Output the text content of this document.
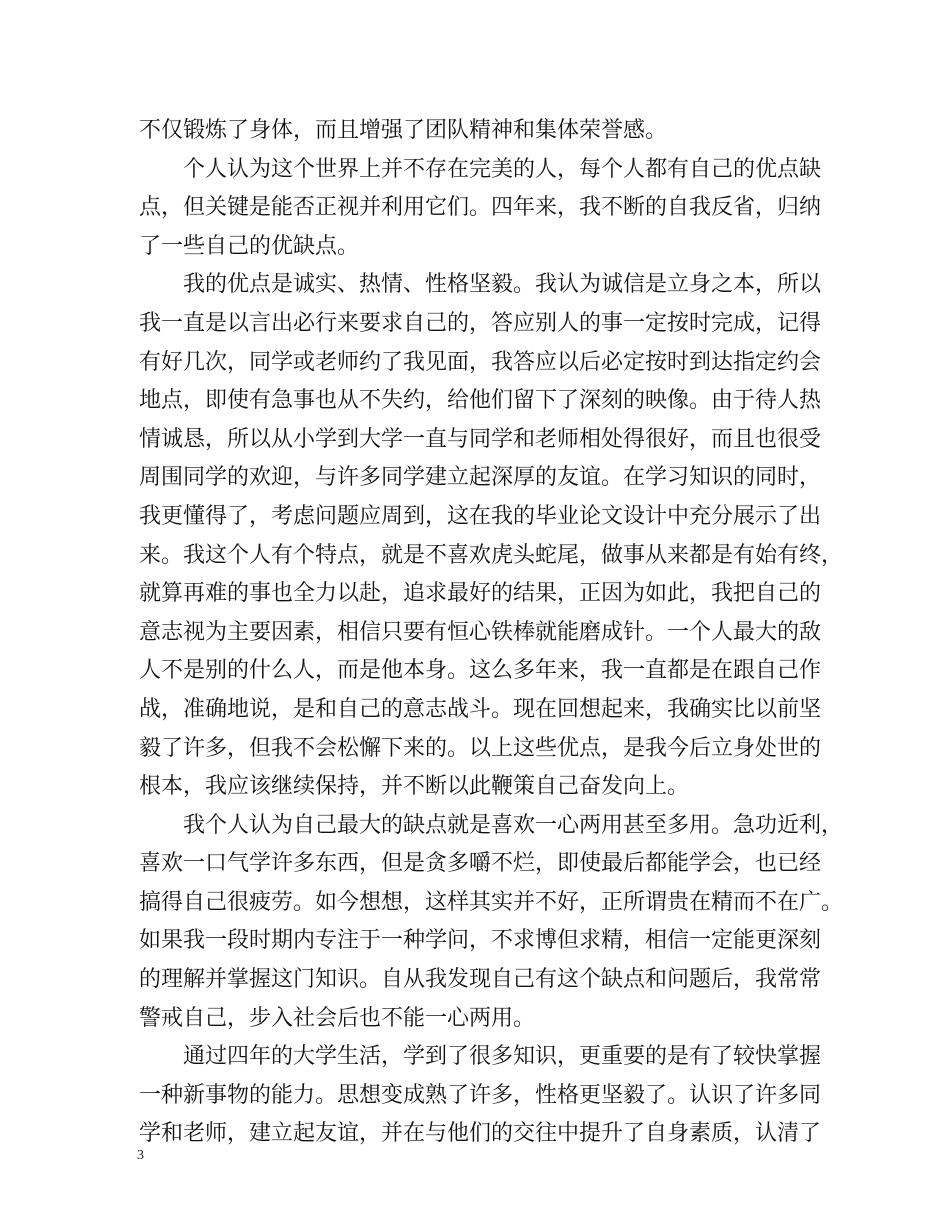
不仅锻炼了身体，而且增强了团队精神和集体荣誉感。
个人认为这个世界上并不存在完美的人，每个人都有自己的优点缺
点，但关键是能否正视并利用它们。四年来，我不断的自我反省，归纳
了一些自己的优缺点。
我的优点是诚实、热情、性格坚毅。我认为诚信是立身之本，所以
我一直是以言出必行来要求自己的，答应别人的事一定按时完成，记得
有好几次，同学或老师约了我见面，我答应以后必定按时到达指定约会
地点，即使有急事也从不失约，给他们留下了深刻的映像。由于待人热
情诚恳，所以从小学到大学一直与同学和老师相处得很好，而且也很受
周围同学的欢迎，与许多同学建立起深厚的友谊。在学习知识的同时，
我更懂得了，考虑问题应周到，这在我的毕业论文设计中充分展示了出
来。我这个人有个特点，就是不喜欢虎头蛇尾，做事从来都是有始有终，
就算再难的事也全力以赴，追求最好的结果，正因为如此，我把自己的
意志视为主要因素，相信只要有恒心铁棒就能磨成针。一个人最大的敌
人不是别的什么人，而是他本身。这么多年来，我一直都是在跟自己作
战，准确地说，是和自己的意志战斗。现在回想起来，我确实比以前坚
毅了许多，但我不会松懈下来的。以上这些优点，是我今后立身处世的
根本，我应该继续保持，并不断以此鞭策自己奋发向上。
我个人认为自己最大的缺点就是喜欢一心两用甚至多用。急功近利，
喜欢一口气学许多东西，但是贪多嚼不烂，即使最后都能学会，也已经
搞得自己很疲劳。如今想想，这样其实并不好，正所谓贵在精而不在广。
如果我一段时期内专注于一种学问，不求博但求精，相信一定能更深刻
的理解并掌握这门知识。自从我发现自己有这个缺点和问题后，我常常
警戒自己，步入社会后也不能一心两用。
通过四年的大学生活，学到了很多知识，更重要的是有了较快掌握
一种新事物的能力。思想变成熟了许多，性格更坚毅了。认识了许多同
学和老师，建立起友谊，并在与他们的交往中提升了自身素质，认清了
3
